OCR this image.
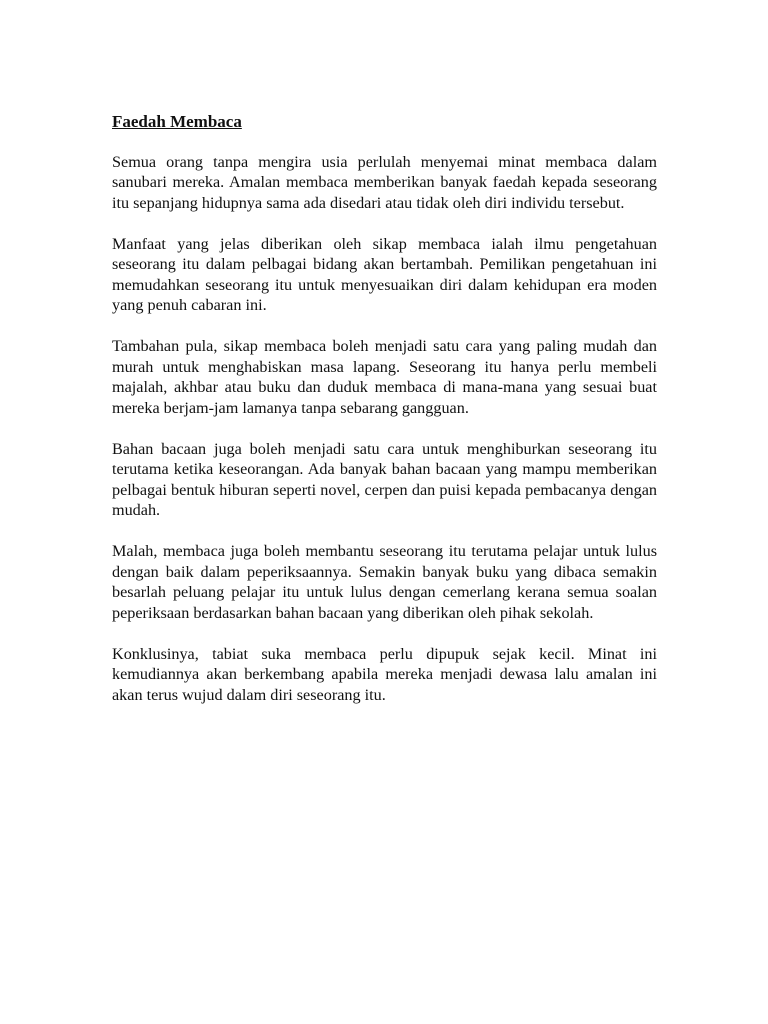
Faedah Membaca

Semua orang tanpa mengira usia perlulah menyemai minat membaca dalam sanubari mereka. Amalan membaca memberikan banyak faedah kepada seseorang itu sepanjang hidupnya sama ada disedari atau tidak oleh diri individu tersebut.

Manfaat yang jelas diberikan oleh sikap membaca ialah ilmu pengetahuan seseorang itu dalam pelbagai bidang akan bertambah. Pemilikan pengetahuan ini memudahkan seseorang itu untuk menyesuaikan diri dalam kehidupan era moden yang penuh cabaran ini.

Tambahan pula, sikap membaca boleh menjadi satu cara yang paling mudah dan murah untuk menghabiskan masa lapang. Seseorang itu hanya perlu membeli majalah, akhbar atau buku dan duduk membaca di mana-mana yang sesuai buat mereka berjam-jam lamanya tanpa sebarang gangguan.

Bahan bacaan juga boleh menjadi satu cara untuk menghiburkan seseorang itu terutama ketika keseorangan. Ada banyak bahan bacaan yang mampu memberikan pelbagai bentuk hiburan seperti novel, cerpen dan puisi kepada pembacanya dengan mudah.

Malah, membaca juga boleh membantu seseorang itu terutama pelajar untuk lulus dengan baik dalam peperiksaannya. Semakin banyak buku yang dibaca semakin besarlah peluang pelajar itu untuk lulus dengan cemerlang kerana semua soalan peperiksaan berdasarkan bahan bacaan yang diberikan oleh pihak sekolah.

Konklusinya, tabiat suka membaca perlu dipupuk sejak kecil. Minat ini kemudiannya akan berkembang apabila mereka menjadi dewasa lalu amalan ini akan terus wujud dalam diri seseorang itu.
